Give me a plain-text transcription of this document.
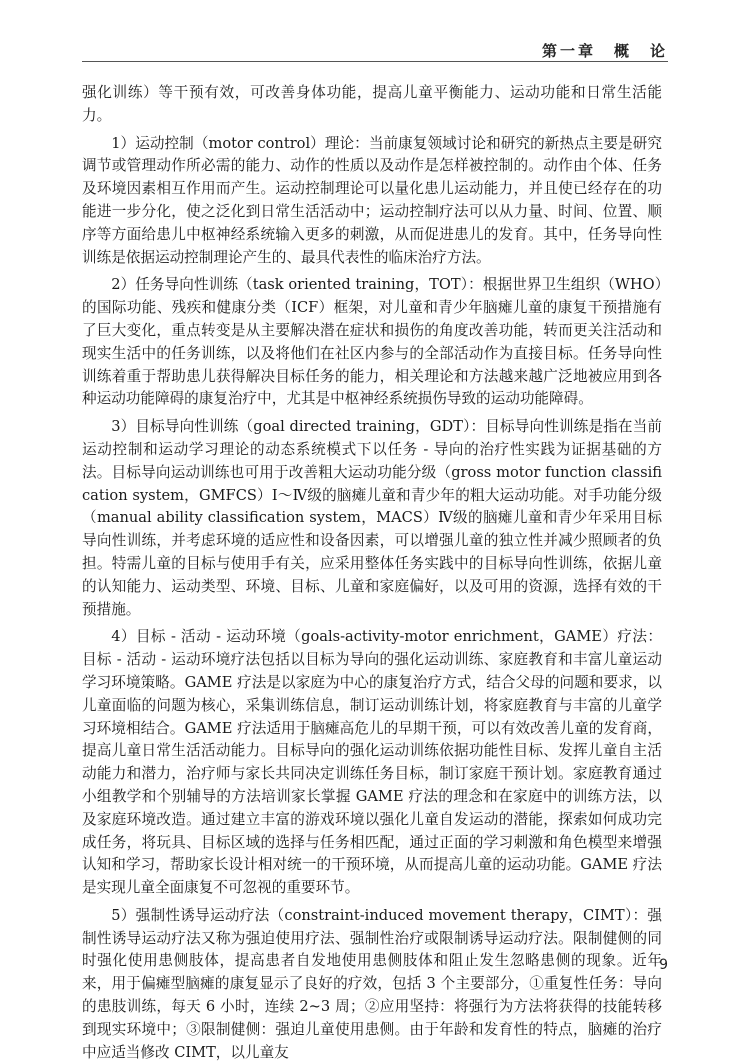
第一章　概　论

强化训练）等干预有效，可改善身体功能，提高儿童平衡能力、运动功能和日常生活能力。

1）运动控制（motor control）理论：当前康复领域讨论和研究的新热点主要是研究调节或管理动作所必需的能力、动作的性质以及动作是怎样被控制的。动作由个体、任务及环境因素相互作用而产生。运动控制理论可以量化患儿运动能力，并且使已经存在的功能进一步分化，使之泛化到日常生活活动中；运动控制疗法可以从力量、时间、位置、顺序等方面给患儿中枢神经系统输入更多的刺激，从而促进患儿的发育。其中，任务导向性训练是依据运动控制理论产生的、最具代表性的临床治疗方法。

2）任务导向性训练（task oriented training，TOT）：根据世界卫生组织（WHO）的国际功能、残疾和健康分类（ICF）框架，对儿童和青少年脑瘫儿童的康复干预措施有了巨大变化，重点转变是从主要解决潜在症状和损伤的角度改善功能，转而更关注活动和现实生活中的任务训练，以及将他们在社区内参与的全部活动作为直接目标。任务导向性训练着重于帮助患儿获得解决目标任务的能力，相关理论和方法越来越广泛地被应用到各种运动功能障碍的康复治疗中，尤其是中枢神经系统损伤导致的运动功能障碍。

3）目标导向性训练（goal directed training，GDT）：目标导向性训练是指在当前运动控制和运动学习理论的动态系统模式下以任务 - 导向的治疗性实践为证据基础的方法。目标导向运动训练也可用于改善粗大运动功能分级（gross motor function classification system，GMFCS）Ⅰ～Ⅳ级的脑瘫儿童和青少年的粗大运动功能。对手功能分级（manual ability classification system，MACS）Ⅳ级的脑瘫儿童和青少年采用目标导向性训练，并考虑环境的适应性和设备因素，可以增强儿童的独立性并减少照顾者的负担。特需儿童的目标与使用手有关，应采用整体任务实践中的目标导向性训练，依据儿童的认知能力、运动类型、环境、目标、儿童和家庭偏好，以及可用的资源，选择有效的干预措施。

4）目标 - 活动 - 运动环境（goals-activity-motor enrichment，GAME）疗法：目标 - 活动 - 运动环境疗法包括以目标为导向的强化运动训练、家庭教育和丰富儿童运动学习环境策略。GAME 疗法是以家庭为中心的康复治疗方式，结合父母的问题和要求，以儿童面临的问题为核心，采集训练信息，制订运动训练计划，将家庭教育与丰富的儿童学习环境相结合。GAME 疗法适用于脑瘫高危儿的早期干预，可以有效改善儿童的发育商，提高儿童日常生活活动能力。目标导向的强化运动训练依据功能性目标、发挥儿童自主活动能力和潜力，治疗师与家长共同决定训练任务目标，制订家庭干预计划。家庭教育通过小组教学和个别辅导的方法培训家长掌握 GAME 疗法的理念和在家庭中的训练方法，以及家庭环境改造。通过建立丰富的游戏环境以强化儿童自发运动的潜能，探索如何成功完成任务，将玩具、目标区域的选择与任务相匹配，通过正面的学习刺激和角色模型来增强认知和学习，帮助家长设计相对统一的干预环境，从而提高儿童的运动功能。GAME 疗法是实现儿童全面康复不可忽视的重要环节。

5）强制性诱导运动疗法（constraint-induced movement therapy，CIMT）：强制性诱导运动疗法又称为强迫使用疗法、强制性治疗或限制诱导运动疗法。限制健侧的同时强化使用患侧肢体，提高患者自发地使用患侧肢体和阻止发生忽略患侧的现象。近年来，用于偏瘫型脑瘫的康复显示了良好的疗效，包括 3 个主要部分，①重复性任务：导向的患肢训练，每天 6 小时，连续 2~3 周；②应用坚持：将强行为方法将获得的技能转移到现实环境中；③限制健侧：强迫儿童使用患侧。由于年龄和发育性的特点，脑瘫的治疗中应适当修改 CIMT，以儿童友

9
